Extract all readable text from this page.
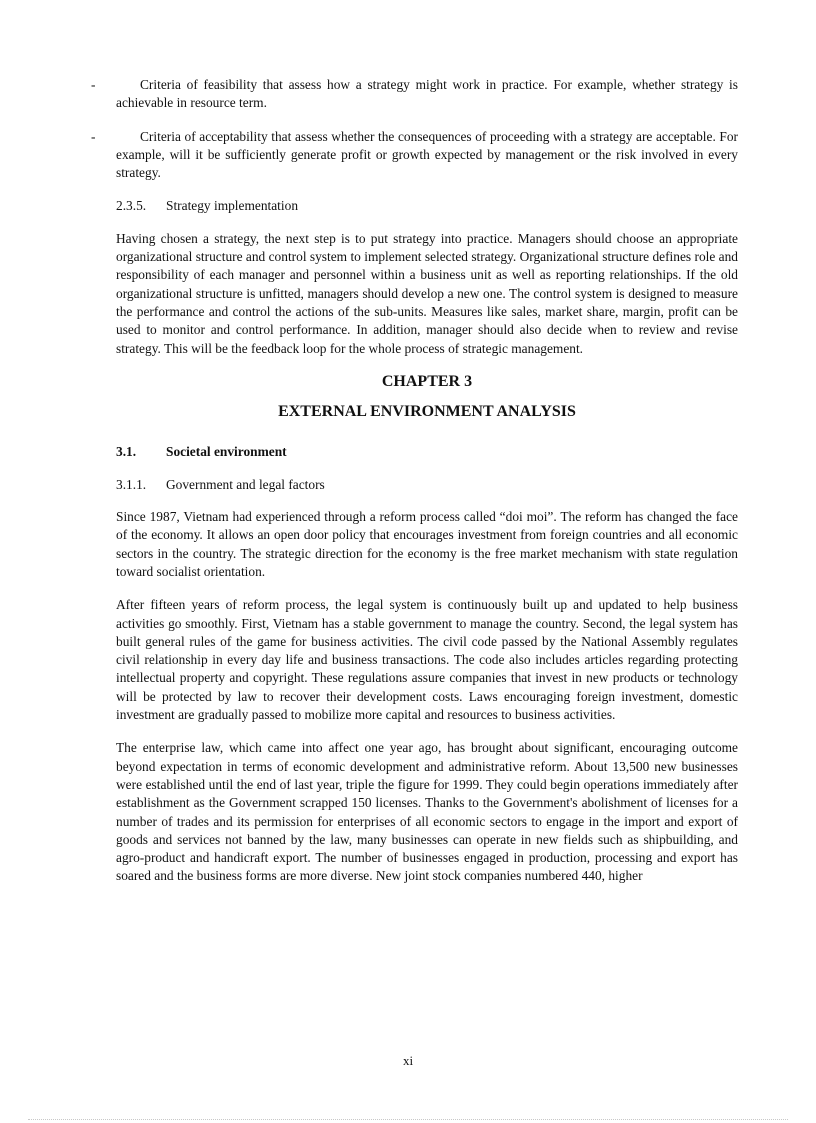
-	Criteria of feasibility that assess how a strategy might work in practice. For example, whether strategy is achievable in resource term.
-	Criteria of acceptability that assess whether the consequences of proceeding with a strategy are acceptable. For example, will it be sufficiently generate profit or growth expected by management or the risk involved in every strategy.
2.3.5. Strategy implementation

Having chosen a strategy, the next step is to put strategy into practice. Managers should choose an appropriate organizational structure and control system to implement selected strategy. Organizational structure defines role and responsibility of each manager and personnel within a business unit as well as reporting relationships. If the old organizational structure is unfitted, managers should develop a new one. The control system is designed to measure the performance and control the actions of the sub-units. Measures like sales, market share, margin, profit can be used to monitor and control performance. In addition, manager should also decide when to review and revise strategy. This will be the feedback loop for the whole process of strategic management.

CHAPTER 3
EXTERNAL ENVIRONMENT ANALYSIS
3.1. Societal environment
3.1.1. Government and legal factors

Since 1987, Vietnam had experienced through a reform process called “doi moi”. The reform has changed the face of the economy. It allows an open door policy that encourages investment from foreign countries and all economic sectors in the country. The strategic direction for the economy is the free market mechanism with state regulation toward socialist orientation.

After fifteen years of reform process, the legal system is continuously built up and updated to help business activities go smoothly. First, Vietnam has a stable government to manage the country. Second, the legal system has built general rules of the game for business activities. The civil code passed by the National Assembly regulates civil relationship in every day life and business transactions. The code also includes articles regarding protecting intellectual property and copyright. These regulations assure companies that invest in new products or technology will be protected by law to recover their development costs. Laws encouraging foreign investment, domestic investment are gradually passed to mobilize more capital and resources to business activities.

The enterprise law, which came into affect one year ago, has brought about significant, encouraging outcome beyond expectation in terms of economic development and administrative reform. About 13,500 new businesses were established until the end of last year, triple the figure for 1999. They could begin operations immediately after establishment as the Government scrapped 150 licenses. Thanks to the Government's abolishment of licenses for a number of trades and its permission for enterprises of all economic sectors to engage in the import and export of goods and services not banned by the law, many businesses can operate in new fields such as shipbuilding, and agro-product and handicraft export. The number of businesses engaged in production, processing and export has soared and the business forms are more diverse. New joint stock companies numbered 440, higher

xi
